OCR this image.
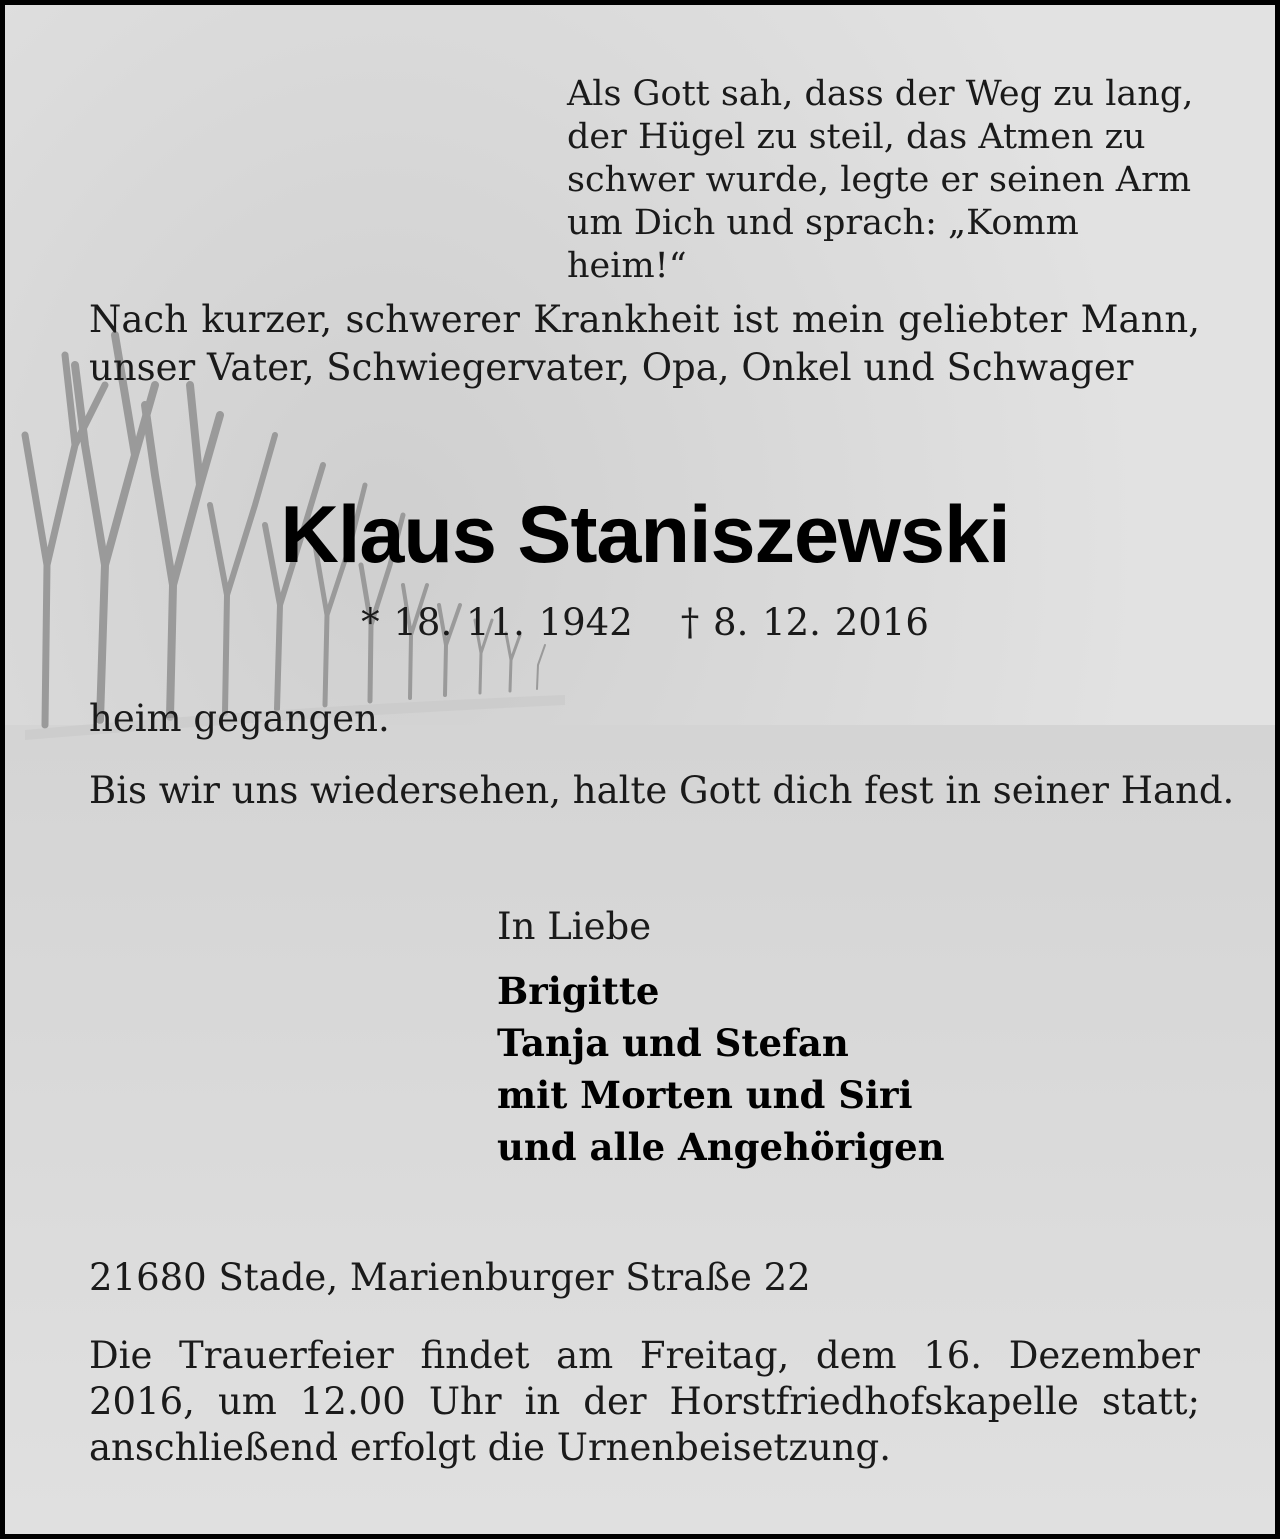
Als Gott sah, dass der Weg zu lang,
der Hügel zu steil, das Atmen zu
schwer wurde, legte er seinen Arm
um Dich und sprach: „Komm heim!“
Nach kurzer, schwerer Krankheit ist mein geliebter Mann, unser Vater, Schwiegervater, Opa, Onkel und Schwager
Klaus Staniszewski
* 18. 11. 1942 † 8. 12. 2016
heim gegangen.
Bis wir uns wiedersehen, halte Gott dich fest in seiner Hand.
In Liebe
Brigitte
Tanja und Stefan
mit Morten und Siri
und alle Angehörigen
21680 Stade, Marienburger Straße 22
Die Trauerfeier findet am Freitag, dem 16. Dezember 2016, um 12.00 Uhr in der Horstfriedhofskapelle statt; anschließend erfolgt die Urnenbeisetzung.
